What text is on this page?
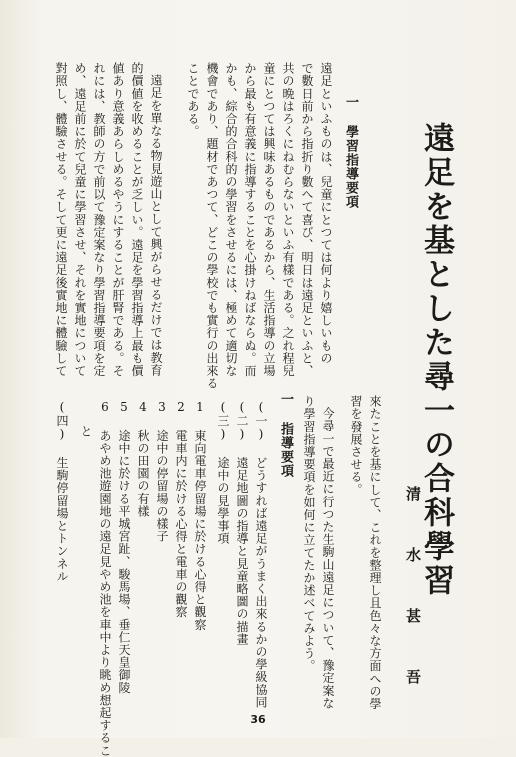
遠足を基とした尋一の合科學習
一 學習指導要項
遠足といふものは、兒童にとつては何より嬉しいもの
で數日前から指折り數へて喜び、明日は遠足といふと、
共の晩はろくにねむらないといふ有樣である。之れ程兒
童にとつては興味あるものであるから、生活指導の立場
から最も有意義に指導することを心掛けねばならぬ。而
かも、綜合的合科的の學習をさせるには、極めて適切な
機會であり、題材であつて、どこの學校でも實行の出來る
ことである。
遠足を單なる物見遊山として興がらせるだけでは教育
的價値を收めることが乏しい。遠足を學習指導上最も價
値あり意義あらしめるやうにすることが肝腎である。そ
れには、教師の方で前以て豫定案なり學習指導要項を定
め、遠足前に於て兒童に學習させ、それを實地について
對照し、體驗させる。そして更に遠足後實地に體驗して
清 水 甚 吾
來たことを基にして、これを整理し且色々な方面への學
習を發展させる。
今尋一で最近に行つた生駒山遠足について、豫定案な
り學習指導要項を如何に立てたか述べてみよう。
一 指導要項
(一) どうすれば遠足がうまく出來るかの學級協同
(二) 遠足地圖の指導と見童略圖の描畫
(三) 途中の見學事項
1 東向電車停留場に於ける心得と觀察
2 電車内に於ける心得と電車の觀察
3 途中の停留場の樣子
4 秋の田園の有樣
5 途中に於ける平城宮趾、駿馬場、垂仁天皇御陵
6 あやめ池遊園地の遠足見やめ池を車中より眺め想起するこ
と
(四) 生駒停留場とトンネル
36
